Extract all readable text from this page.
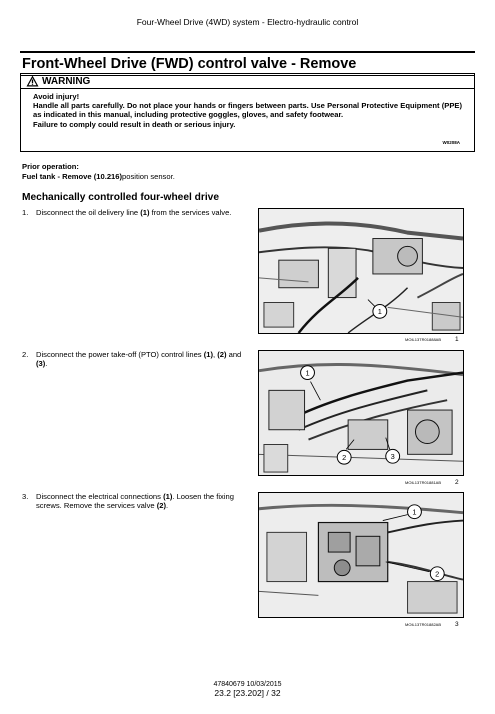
Four-Wheel Drive (4WD) system - Electro-hydraulic control
Front-Wheel Drive (FWD) control valve - Remove
WARNING

Avoid injury!

Handle all parts carefully. Do not place your hands or fingers between parts. Use Personal Protective Equipment (PPE) as indicated in this manual, including protective goggles, gloves, and safety footwear.

Failure to comply could result in death or serious injury.

W0208A
Prior operation:
Fuel tank - Remove (10.216)position sensor.
Mechanically controlled four-wheel drive
1.	Disconnect the oil delivery line (1) from the services valve.
2.	Disconnect the power take-off (PTO) control lines (1), (2) and (3).
3.	Disconnect the electrical connections (1). Loosen the fixing screws. Remove the services valve (2).
1
MOIL13TR01888AB 1
1
2	3
MOIL13TR01881AB 2
1
2
MOIL13TR01882AB 3
47840679 10/03/2015
23.2 [23.202] / 32
